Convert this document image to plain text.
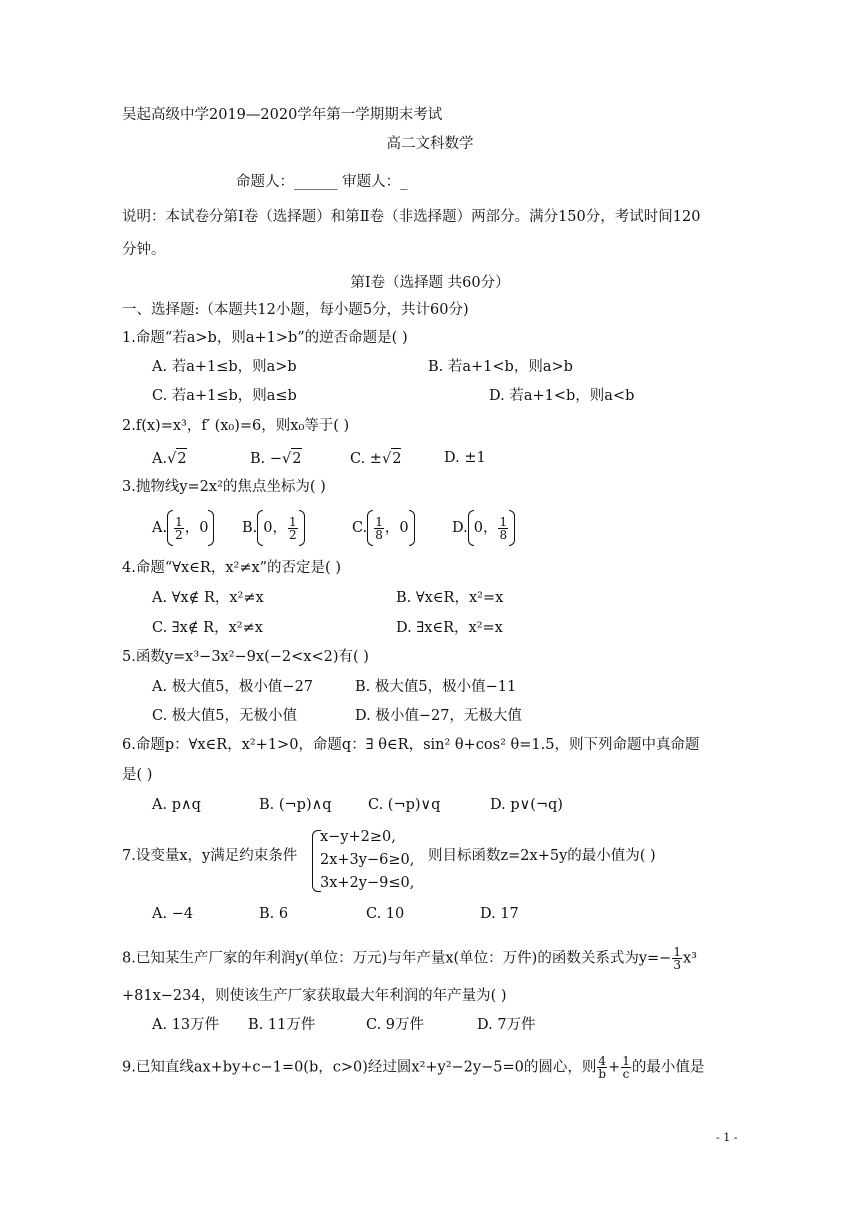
吴起高级中学2019—2020学年第一学期期末考试
高二文科数学
命题人：______ 审题人：_
说明：本试卷分第Ⅰ卷（选择题）和第Ⅱ卷（非选择题）两部分。满分150分，考试时间120
分钟。
第Ⅰ卷（选择题 共60分）
一、选择题:（本题共12小题，每小题5分，共计60分)
1.命题“若a>b，则a+1>b”的逆否命题是( )
A. 若a+1≤b，则a>b	B. 若a+1<b，则a>b
C. 若a+1≤b，则a≤b	D. 若a+1<b，则a<b
2.f(x)=x³，f′ (x₀)=6，则x₀等于( )
A.√2	B. −√2	C. ±√2	D. ±1
3.抛物线y=2x²的焦点坐标为( )
A. $\frac{1}{2}$ ，0 B. 0， $\frac{1}{2}$	C. $\frac{1}{8}$ ，0	D. 0， $\frac{1}{8}$
4.命题“∀x∈R，x²≠x”的否定是( )
A. ∀x∉ R，x²≠x	B. ∀x∈R，x²=x
C. ∃x∉ R，x²≠x	D. ∃x∈R，x²=x
5.函数y=x³−3x²−9x(−2<x<2)有( )
A. 极大值5，极小值−27	B. 极大值5，极小值−11
C. 极大值5，无极小值	D. 极小值−27，无极大值
6.命题p：∀x∈R，x²+1>0，命题q：∃ θ∈R，sin² θ+cos² θ=1.5，则下列命题中真命题
是( )
A. p∧q	B. (¬p)∧q	C. (¬p)∨q	D. p∨(¬q)
7.设变量x，y满足约束条件
x−y+2≥0,
2x+3y−6≥0,
3x+2y−9≤0,
则目标函数z=2x+5y的最小值为( )
A. −4	B. 6	C. 10	D. 17
8.已知某生产厂家的年利润y(单位：万元)与年产量x(单位：万件)的函数关系式为$y=- \frac{1}{3} x^3$
+81x−234，则使该生产厂家获取最大年利润的年产量为( )
A. 13万件 B. 11万件	C. 9万件	D. 7万件
9.已知直线ax+by+c−1=0(b，c>0)经过圆x²+y²−2y−5=0的圆心，则 $\frac{4}{b} + \frac{1}{c}$ 的最小值是
- 1 -
